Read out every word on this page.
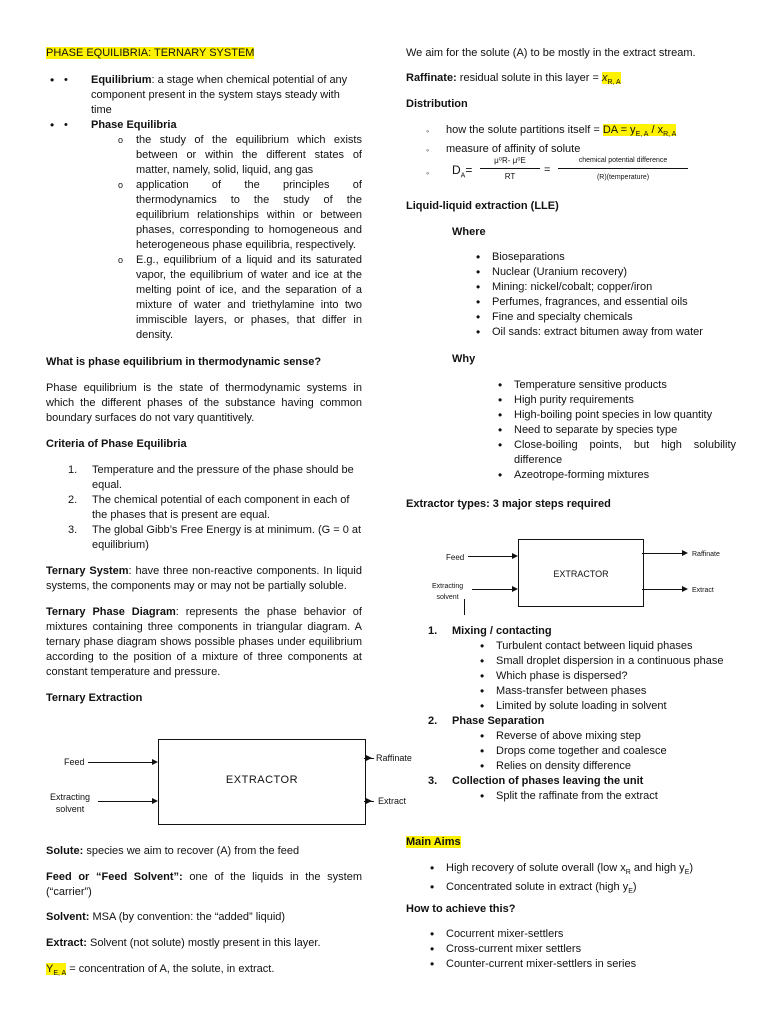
PHASE EQUILIBRIA: TERNARY SYSTEM
• • Equilibrium: a stage when chemical potential of any component present in the system stays steady with time
• • Phase Equilibria
o the study of the equilibrium which exists between or within the different states of matter, namely, solid, liquid, ang gas
o application of the principles of thermodynamics to the study of the equilibrium relationships within or between phases, corresponding to homogeneous and heterogeneous phase equilibria, respectively.
o E.g., equilibrium of a liquid and its saturated vapor, the equilibrium of water and ice at the melting point of ice, and the separation of a mixture of water and triethylamine into two immiscible layers, or phases, that differ in density.
What is phase equilibrium in thermodynamic sense?

Phase equilibrium is the state of thermodynamic systems in which the different phases of the substance having common boundary surfaces do not vary quantitively.

Criteria of Phase Equilibria
1. Temperature and the pressure of the phase should be equal.
2. The chemical potential of each component in each of the phases that is present are equal.
3. The global Gibb’s Free Energy is at minimum. (G = 0 at equilibrium)

Ternary System: have three non-reactive components. In liquid systems, the components may or may not be partially soluble.

Ternary Phase Diagram: represents the phase behavior of mixtures containing three components in triangular diagram. A ternary phase diagram shows possible phases under equilibrium according to the position of a mixture of three components at constant temperature and pressure.

Ternary Extraction
EXTRACTOR
Feed
Extracting
solvent
Raffinate
Extract
Solute: species we aim to recover (A) from the feed

Feed or “Feed Solvent”: one of the liquids in the system (“carrier”)

Solvent: MSA (by convention: the “added” liquid)
Extract: Solvent (not solute) mostly present in this layer.
$Y_{E, A}$ = concentration of A, the solute, in extract.
We aim for the solute (A) to be mostly in the extract stream.
Raffinate: residual solute in this layer = $x_{R, A}$
Distribution
◦ how the solute partitions itself = DA = $y_{E, A} / x_{R, A}$
◦ measure of affinity of solute
◦ $D_A=$
μ⁰R- μ⁰E
RT
=
chemical potential difference
(R)(temperature)
Liquid-liquid extraction (LLE)
Where
• Bioseparations
• Nuclear (Uranium recovery)
• Mining: nickel/cobalt; copper/iron
• Perfumes, fragrances, and essential oils
• Fine and specialty chemicals
• Oil sands: extract bitumen away from water
Why
• Temperature sensitive products
• High purity requirements
• High-boiling point species in low quantity
• Need to separate by species type
• Close-boiling points, but high solubility difference
• Azeotrope-forming mixtures
Extractor types: 3 major steps required
EXTRACTOR
Feed
Extracting
solvent
Raffinate
Extract
1. Mixing / contacting
• Turbulent contact between liquid phases
• Small droplet dispersion in a continuous phase
• Which phase is dispersed?
• Mass-transfer between phases
• Limited by solute loading in solvent
2. Phase Separation
• Reverse of above mixing step
• Drops come together and coalesce
• Relies on density difference
3. Collection of phases leaving the unit
• Split the raffinate from the extract
Main Aims
• High recovery of solute overall (low $x_R$ and high $y_E$)
• Concentrated solute in extract (high $y_E$)
How to achieve this?
• Cocurrent mixer-settlers
• Cross-current mixer settlers
• Counter-current mixer-settlers in series
